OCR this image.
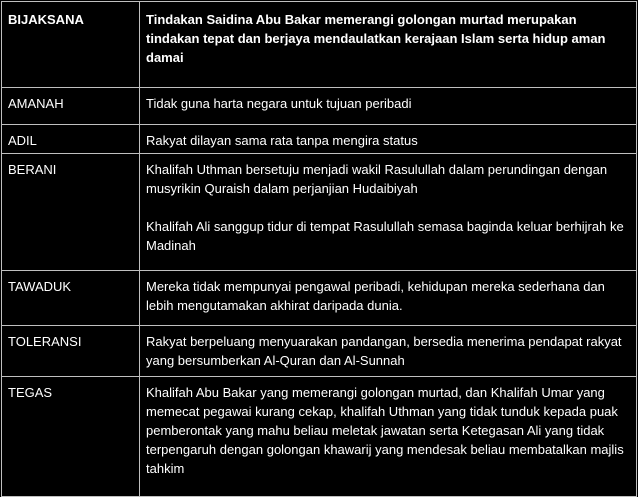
BIJAKSANA	Tindakan Saidina Abu Bakar memerangi golongan murtad merupakan tindakan tepat dan berjaya mendaulatkan kerajaan Islam serta hidup aman damai

AMANAH	Tidak guna harta negara untuk tujuan peribadi

ADIL	Rakyat dilayan sama rata tanpa mengira status

BERANI	Khalifah Uthman bersetuju menjadi wakil Rasulullah dalam perundingan dengan musyrikin Quraish dalam perjanjian Hudaibiyah
Khalifah Ali sanggup tidur di tempat Rasulullah semasa baginda keluar berhijrah ke Madinah

TAWADUK	Mereka tidak mempunyai pengawal peribadi, kehidupan mereka sederhana dan lebih mengutamakan akhirat daripada dunia.

TOLERANSI	Rakyat berpeluang menyuarakan pandangan, bersedia menerima pendapat rakyat yang bersumberkan Al-Quran dan Al-Sunnah

TEGAS	Khalifah Abu Bakar yang memerangi golongan murtad, dan Khalifah Umar yang memecat pegawai kurang cekap, khalifah Uthman yang tidak tunduk kepada puak pemberontak yang mahu beliau meletak jawatan serta Ketegasan Ali yang tidak terpengaruh dengan golongan khawarij yang mendesak beliau membatalkan majlis tahkim
